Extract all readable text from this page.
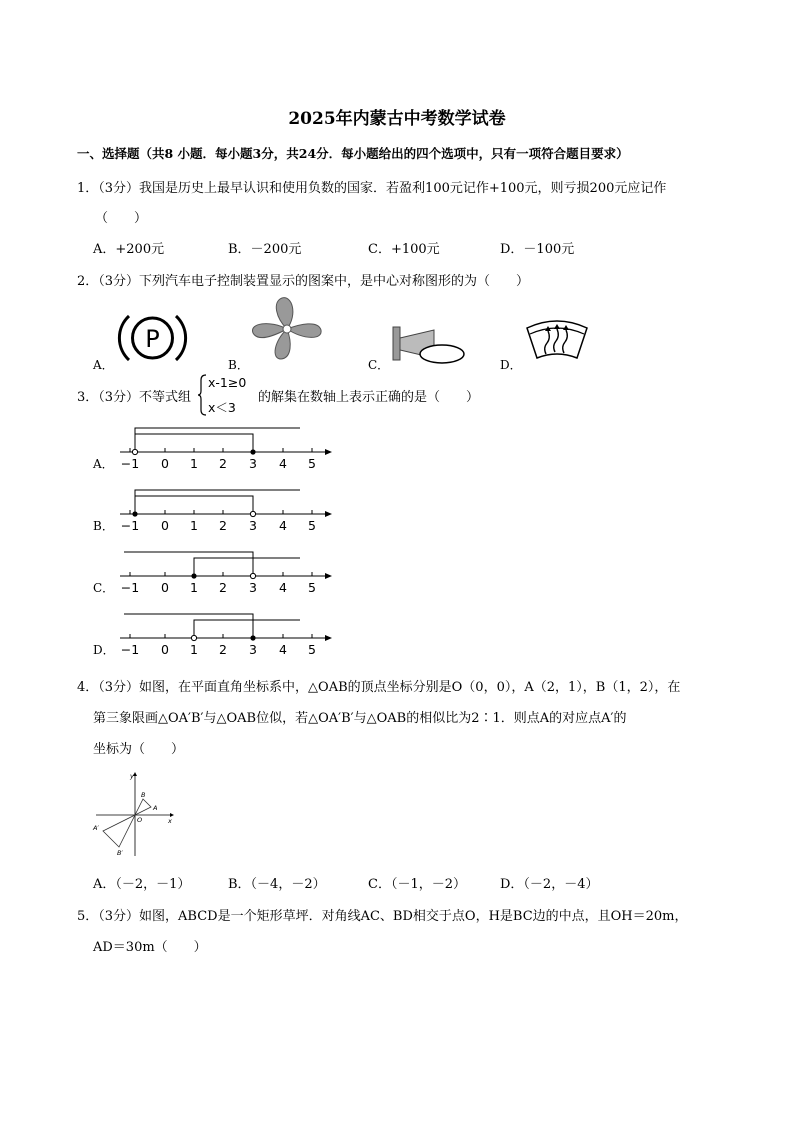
2025年内蒙古中考数学试卷
一、选择题（共8 小题．每小题3分，共24分．每小题给出的四个选项中，只有一项符合题目要求）
1．（3分）我国是历史上最早认识和使用负数的国家．若盈利100元记作+100元，则亏损200元应记作
（　　）
A．+200元	B．－200元	C．+100元	D．－100元
2．（3分）下列汽车电子控制装置显示的图案中，是中心对称图形的为（　　）
A．	B．	C．	D．
P
3．（3分）不等式组
x-1≥0
x＜3
的解集在数轴上表示正确的是（　　）
A．
B．
C．
D．
−1 0 1 2 3 4 5
−1 0 1 2 3 4 5
−1 0 1 2 3 4 5
−1 0 1 2 3 4 5
4．（3分）如图，在平面直角坐标系中，△OAB的顶点坐标分别是O（0，0），A（2，1），B（1，2），在
第三象限画△OA′B′与△OAB位似，若△OA′B′与△OAB的相似比为2∶1．则点A的对应点A′的
坐标为（　　）
y
x
O
A
B
A′
B′
A．（－2，－1）	B．（－4，－2）	C．（－1，－2）	D．（－2，－4）
5．（3分）如图，ABCD是一个矩形草坪．对角线AC、BD相交于点O，H是BC边的中点，且OH＝20m，
AD＝30m（　　）
